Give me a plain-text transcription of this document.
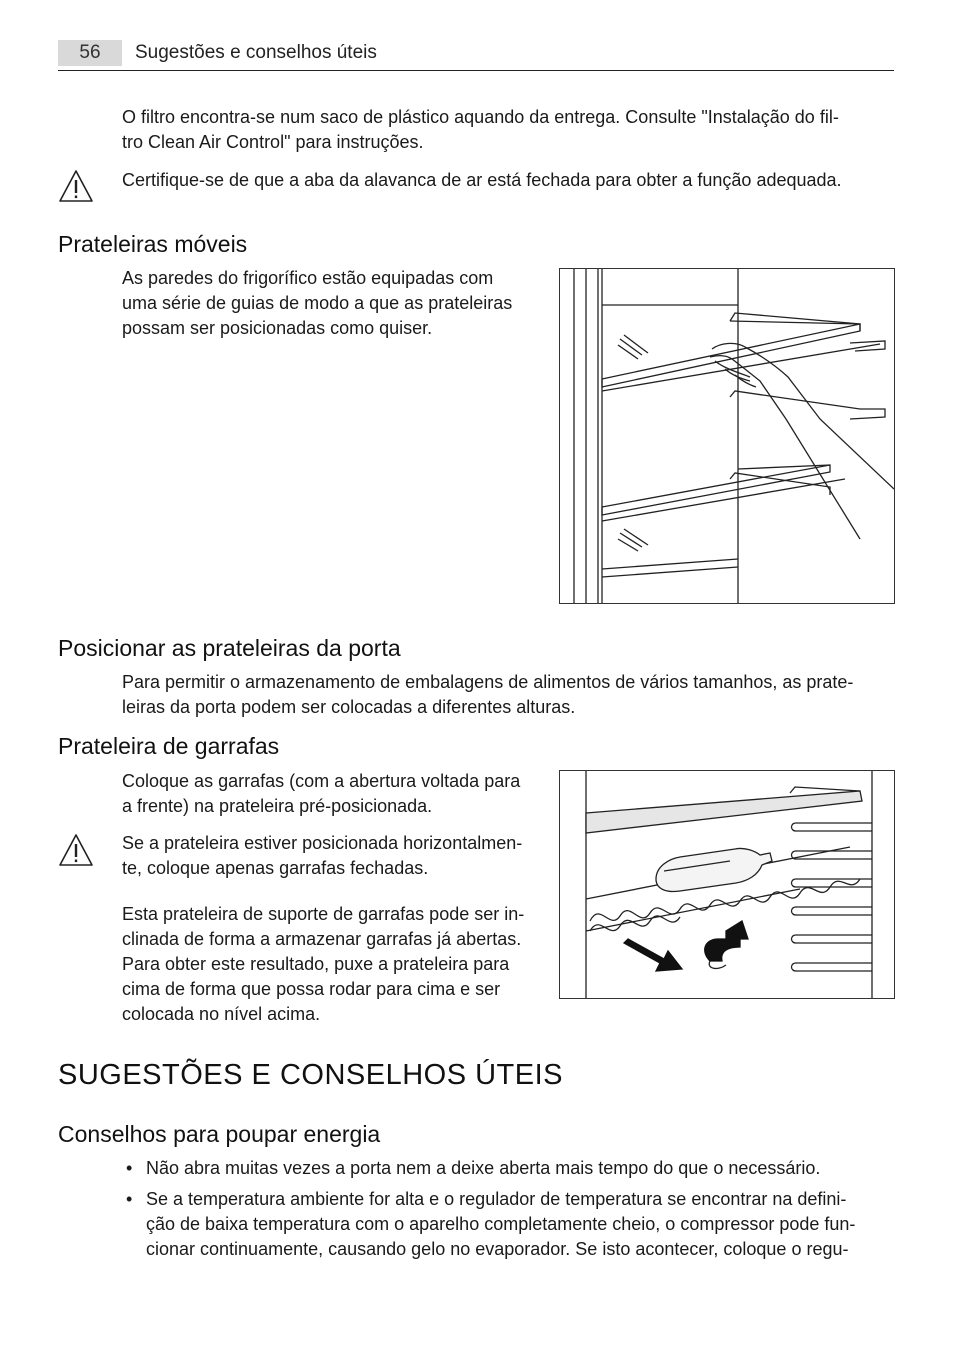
56	Sugestões e conselhos úteis

O filtro encontra-se num saco de plástico aquando da entrega. Consulte "Instalação do fil-

tro Clean Air Control" para instruções.

Certifique-se de que a aba da alavanca de ar está fechada para obter a função adequada.

Prateleiras móveis

As paredes do frigorífico estão equipadas com

uma série de guias de modo a que as prateleiras

possam ser posicionadas como quiser.

Posicionar as prateleiras da porta

Para permitir o armazenamento de embalagens de alimentos de vários tamanhos, as prate-

leiras da porta podem ser colocadas a diferentes alturas.

Prateleira de garrafas

Coloque as garrafas (com a abertura voltada para

a frente) na prateleira pré-posicionada.

Se a prateleira estiver posicionada horizontalmen-

te, coloque apenas garrafas fechadas.

Esta prateleira de suporte de garrafas pode ser in-

clinada de forma a armazenar garrafas já abertas.

Para obter este resultado, puxe a prateleira para

cima de forma que possa rodar para cima e ser

colocada no nível acima.

SUGESTÕES E CONSELHOS ÚTEIS
Conselhos para poupar energia
• Não abra muitas vezes a porta nem a deixe aberta mais tempo do que o necessário.
• Se a temperatura ambiente for alta e o regulador de temperatura se encontrar na defini-
ção de baixa temperatura com o aparelho completamente cheio, o compressor pode fun-
cionar continuamente, causando gelo no evaporador. Se isto acontecer, coloque o regu-
